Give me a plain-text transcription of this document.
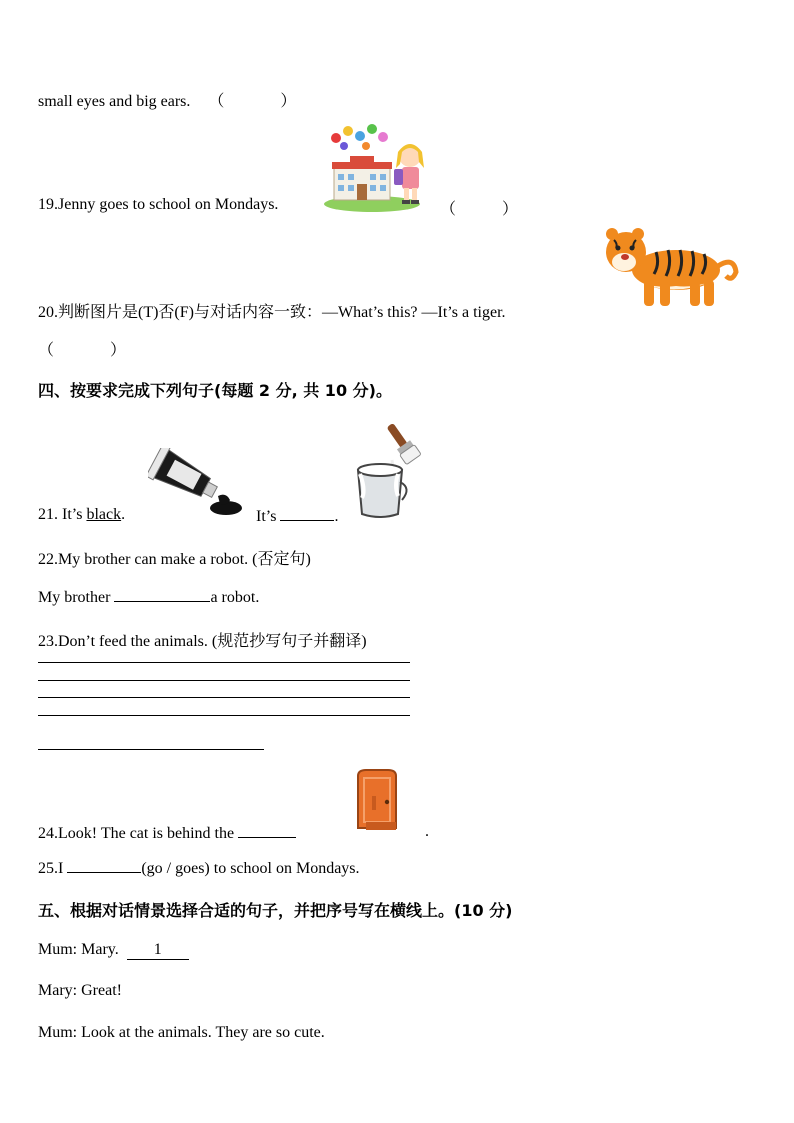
small eyes and big ears. （	）
19.Jenny goes to school on Mondays.	（	）
20.判断图片是(T)否(F)与对话内容一致：—What’s this? —It’s a tiger.
（	）
四、按要求完成下列句子(每题 2 分, 共 10 分)。
21. It’s black.	It’s	.
22.My brother can make a robot. (否定句)
My brother	a robot.
23.Don’t feed the animals. (规范抄写句子并翻译)
24.Look! The cat is behind the	.
25.I	(go / goes) to school on Mondays.
五、根据对话情景选择合适的句子，并把序号写在横线上。(10 分)
Mum: Mary. 1
Mary: Great!
Mum: Look at the animals. They are so cute.
